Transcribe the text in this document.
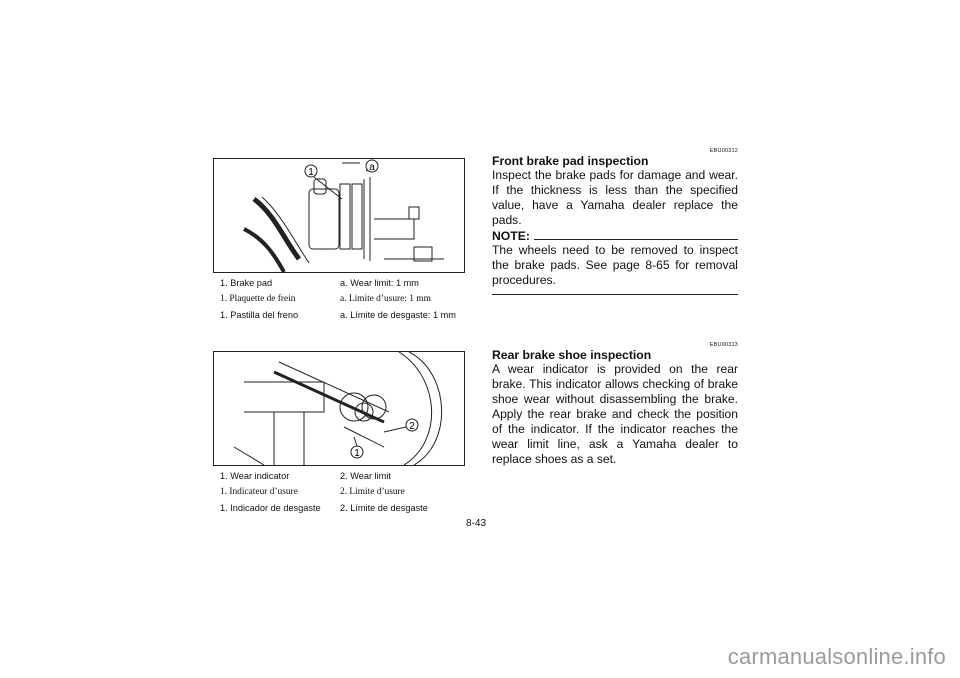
1	a
1. Brake pad	a. Wear limit: 1 mm
1. Plaquette de frein	a. Limite d’usure: 1 mm
1. Pastilla del freno	a. Límite de desgaste: 1 mm
2
1
1. Wear indicator	2. Wear limit
1. Indicateur d’usure	2. Limite d’usure
1. Indicador de desgaste	2. Límite de desgaste
EBU00312
Front brake pad inspection
Inspect the brake pads for damage and wear. If the thickness is less than the specified value, have a Yamaha dealer replace the pads.
NOTE:
The wheels need to be removed to inspect the brake pads. See page 8-65 for removal procedures.
EBU00313
Rear brake shoe inspection
A wear indicator is provided on the rear brake. This indicator allows checking of brake shoe wear without disassembling the brake. Apply the rear brake and check the position of the indicator. If the indicator reaches the wear limit line, ask a Yamaha dealer to replace shoes as a set.
8-43
carmanualsonline.info
